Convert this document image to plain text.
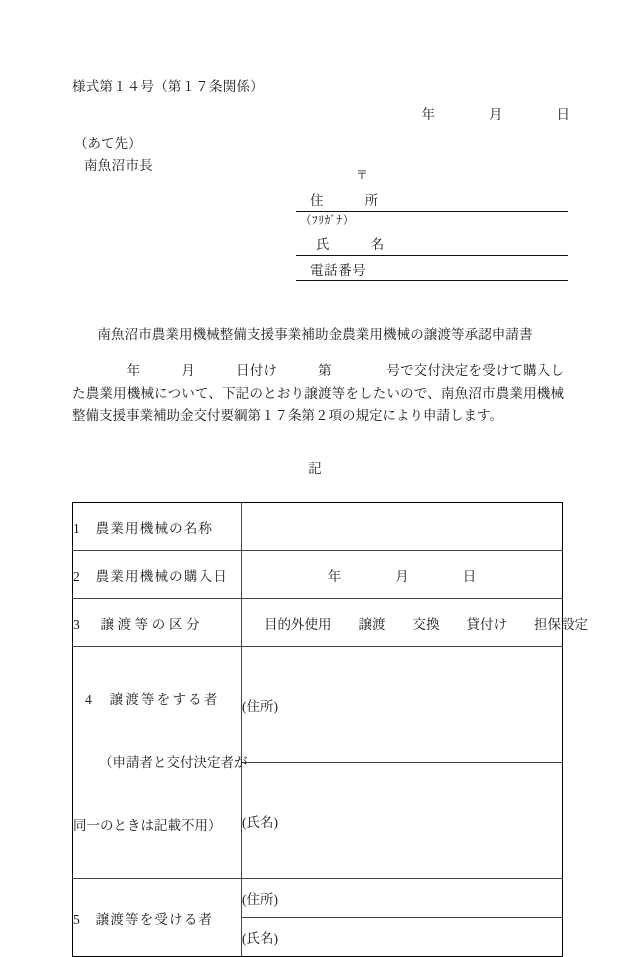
様式第１４号（第１７条関係）
年　　　　月　　　　日
（あて先）
南魚沼市長
〒
住　　　所
（ﾌﾘｶﾞﾅ）
氏　　　名
電話番号
南魚沼市農業用機械整備支援事業補助金農業用機械の譲渡等承認申請書
　　　　年　　　月　　　日付け　　　第　　　　号で交付決定を受けて購入した農業用機械について、下記のとおり譲渡等をしたいので、南魚沼市農業用機械整備支援事業補助金交付要綱第１７条第２項の規定により申請します。
記
1　農業用機械の名称	
2　農業用機械の購入日	年　　　　月　　　　日
3　譲渡等の区分	目的外使用　　譲渡　　交換　　貸付け　　担保設定

4　譲渡等をする者

（申請者と交付決定者が

同一のときは記載不用）	(住所)
	(氏名)
5　譲渡等を受ける者	(住所)
	(氏名)
